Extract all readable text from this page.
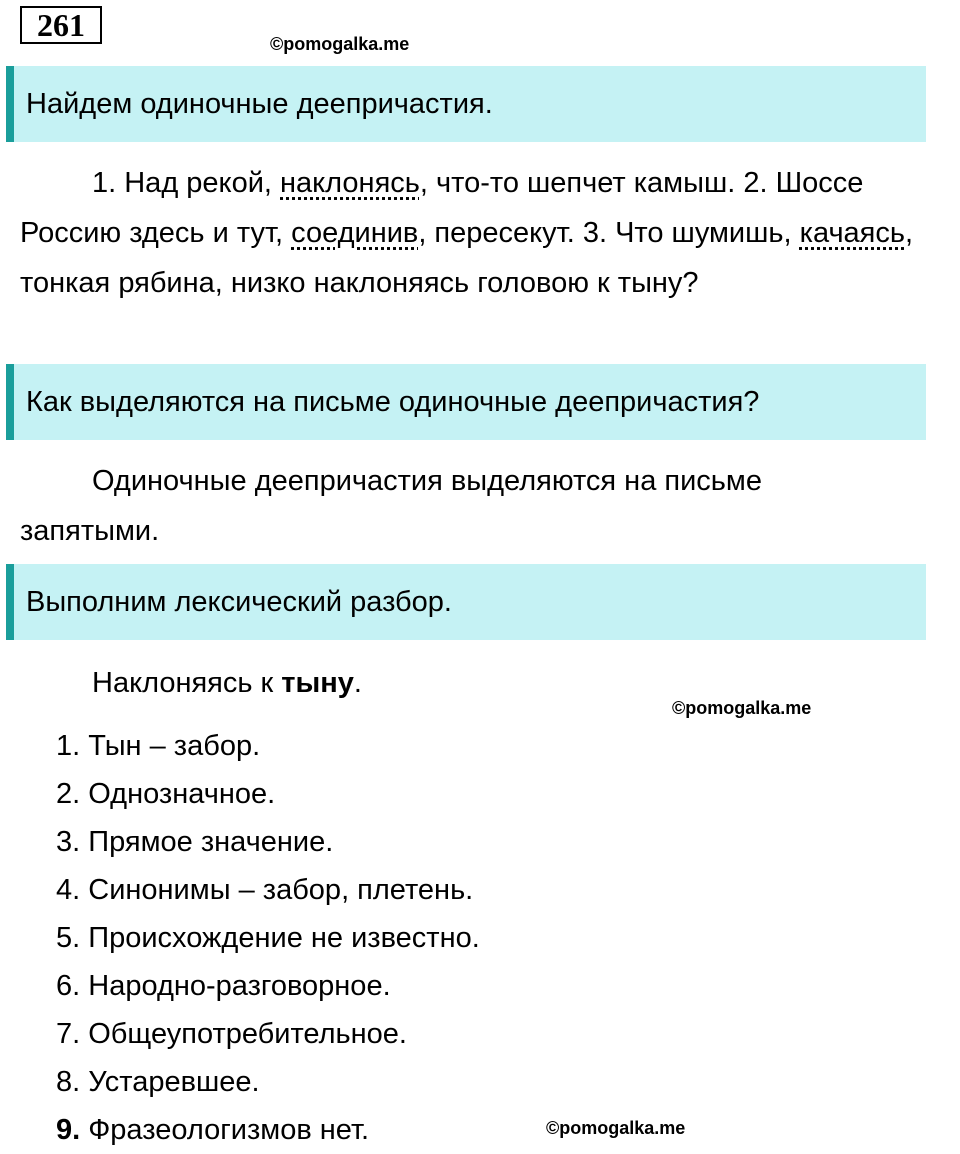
261
©pomogalka.me
Найдем одиночные деепричастия.
1. Над рекой, наклонясь, что-то шепчет камыш. 2. Шоссе Россию здесь и тут, соединив, пересекут. 3. Что шумишь, качаясь, тонкая рябина, низко наклоняясь головою к тыну?
Как выделяются на письме одиночные деепричастия?
Одиночные деепричастия выделяются на письме запятыми.
Выполним лексический разбор.
Наклоняясь к тыну.
©pomogalka.me
1. Тын – забор.
2. Однозначное.
3. Прямое значение.
4. Синонимы – забор, плетень.
5. Происхождение не известно.
6. Народно-разговорное.
7. Общеупотребительное.
8. Устаревшее.
9. Фразеологизмов нет.	©pomogalka.me
